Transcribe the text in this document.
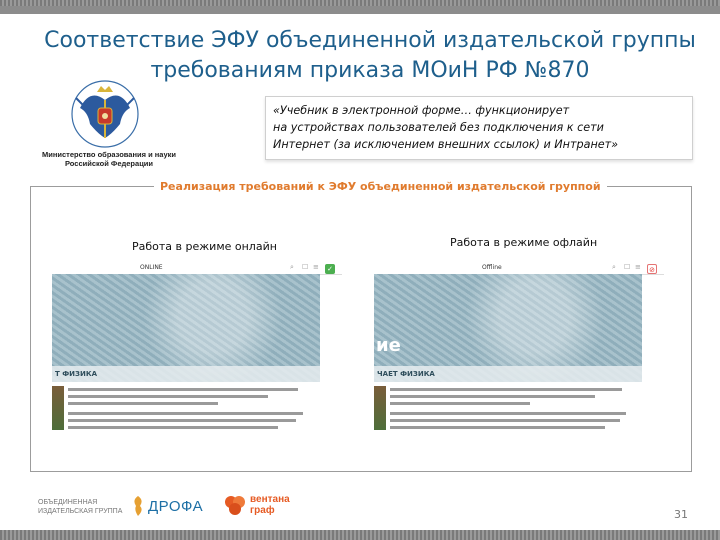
Соответствие ЭФУ объединенной издательской группы
требованиям приказа МОиН РФ №870
Министерство образования и науки
Российской Федерации
«Учебник в электронной форме… функционирует
на устройствах пользователей без подключения к сети
Интернет (за исключением внешних ссылок) и Интранет»
Реализация требований к ЭФУ объединенной издательской группой
Работа в режиме онлайн	Работа в режиме офлайн
ONLINE	⌕ ☐ ≡ ✓
Т ФИЗИКА
Offline	⌕ ☐ ≡ ⊘
ие
ЧАЕТ ФИЗИКА
ОБЪЕДИНЕННАЯ
ИЗДАТЕЛЬСКАЯ ГРУППА ДРОФА	вентана
граф	31
